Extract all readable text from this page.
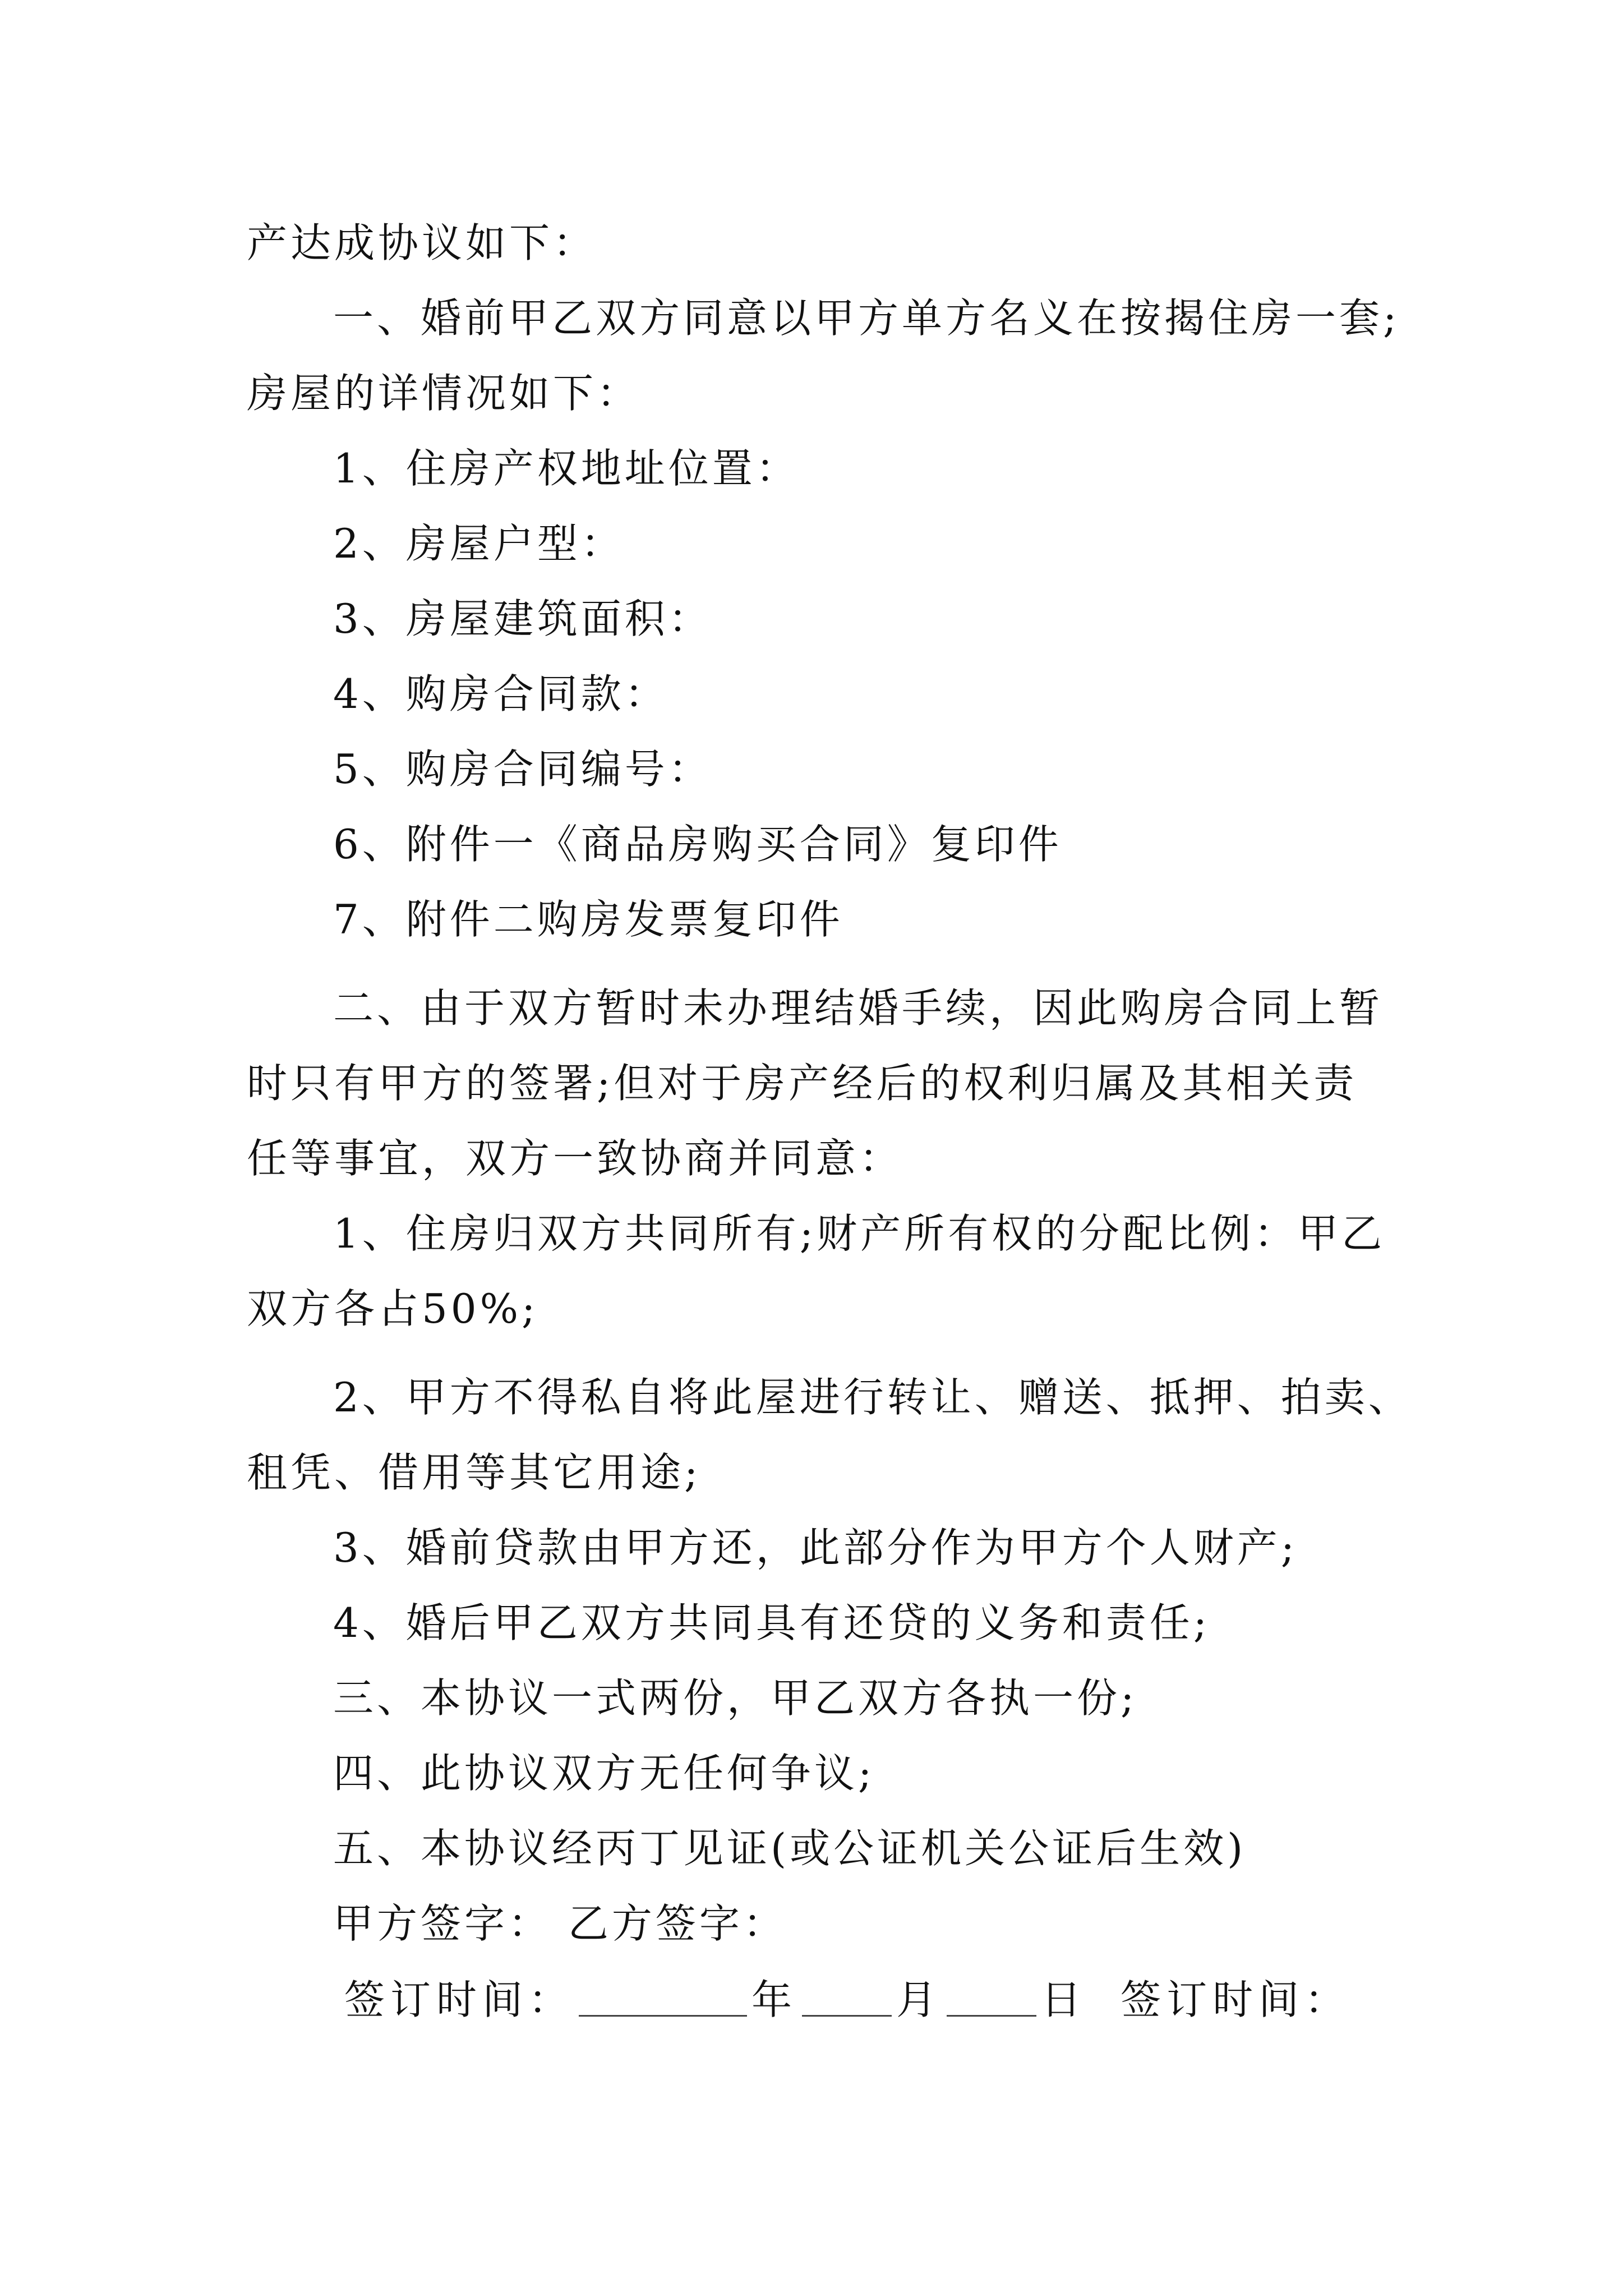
产达成协议如下：
一、婚前甲乙双方同意以甲方单方名义在按揭住房一套;
房屋的详情况如下：
1、住房产权地址位置：
2、房屋户型：
3、房屋建筑面积：
4、购房合同款：
5、购房合同编号：
6、附件一《商品房购买合同》复印件
7、附件二购房发票复印件
二、由于双方暂时未办理结婚手续，因此购房合同上暂
时只有甲方的签署;但对于房产经后的权利归属及其相关责
任等事宜，双方一致协商并同意：
1、住房归双方共同所有;财产所有权的分配比例：甲乙
双方各占50%;
2、甲方不得私自将此屋进行转让、赠送、抵押、拍卖、
租凭、借用等其它用途;
3、婚前贷款由甲方还，此部分作为甲方个人财产;
4、婚后甲乙双方共同具有还贷的义务和责任;
三、本协议一式两份，甲乙双方各执一份;
四、此协议双方无任何争议;
五、本协议经丙丁见证(或公证机关公证后生效)
甲方签字： 乙方签字：
签订时间：	年 月 日 签订时间：
